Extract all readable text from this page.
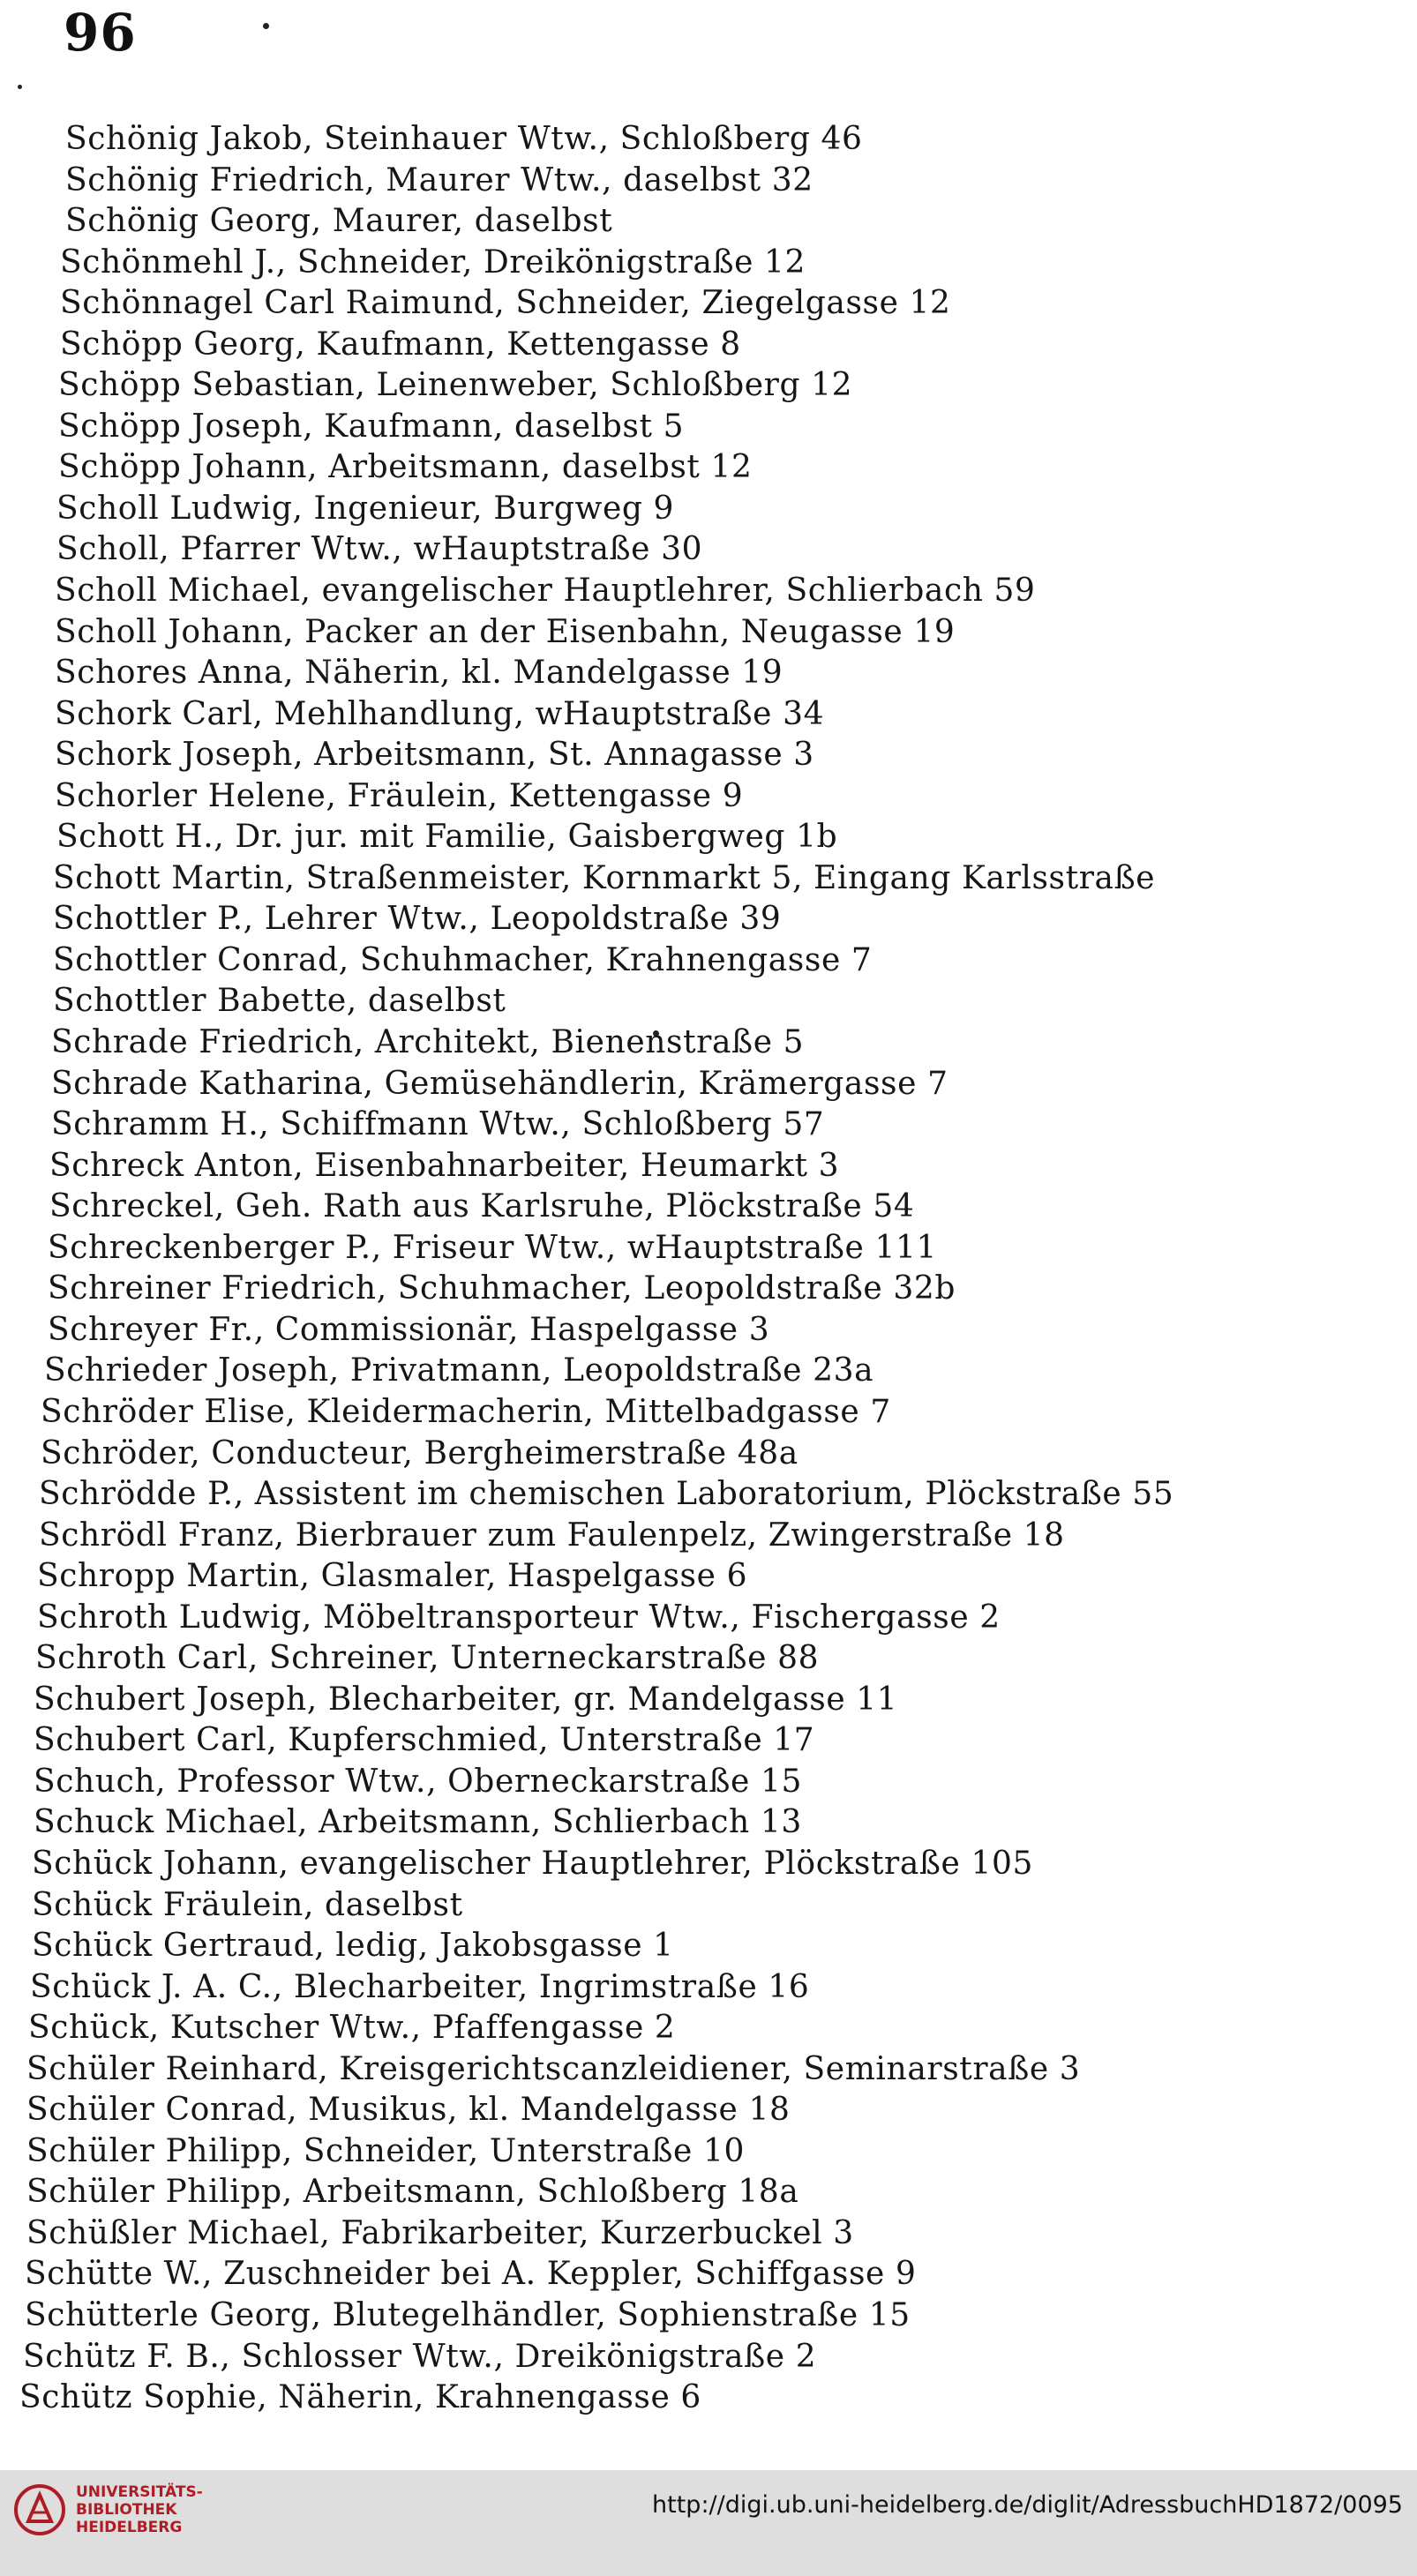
96
Schönig Jakob, Steinhauer Wtw., Schloßberg 46
Schönig Friedrich, Maurer Wtw., daselbst 32
Schönig Georg, Maurer, daselbst
Schönmehl J., Schneider, Dreikönigstraße 12
Schönnagel Carl Raimund, Schneider, Ziegelgasse 12
Schöpp Georg, Kaufmann, Kettengasse 8
Schöpp Sebastian, Leinenweber, Schloßberg 12
Schöpp Joseph, Kaufmann, daselbst 5
Schöpp Johann, Arbeitsmann, daselbst 12
Scholl Ludwig, Ingenieur, Burgweg 9
Scholl, Pfarrer Wtw., wHauptstraße 30
Scholl Michael, evangelischer Hauptlehrer, Schlierbach 59
Scholl Johann, Packer an der Eisenbahn, Neugasse 19
Schores Anna, Näherin, kl. Mandelgasse 19
Schork Carl, Mehlhandlung, wHauptstraße 34
Schork Joseph, Arbeitsmann, St. Annagasse 3
Schorler Helene, Fräulein, Kettengasse 9
Schott H., Dr. jur. mit Familie, Gaisbergweg 1b
Schott Martin, Straßenmeister, Kornmarkt 5, Eingang Karlsstraße
Schottler P., Lehrer Wtw., Leopoldstraße 39
Schottler Conrad, Schuhmacher, Krahnengasse 7
Schottler Babette, daselbst
Schrade Friedrich, Architekt, Bienenstraße 5
Schrade Katharina, Gemüsehändlerin, Krämergasse 7
Schramm H., Schiffmann Wtw., Schloßberg 57
Schreck Anton, Eisenbahnarbeiter, Heumarkt 3
Schreckel, Geh. Rath aus Karlsruhe, Plöckstraße 54
Schreckenberger P., Friseur Wtw., wHauptstraße 111
Schreiner Friedrich, Schuhmacher, Leopoldstraße 32b
Schreyer Fr., Commissionär, Haspelgasse 3
Schrieder Joseph, Privatmann, Leopoldstraße 23a
Schröder Elise, Kleidermacherin, Mittelbadgasse 7
Schröder, Conducteur, Bergheimerstraße 48a
Schrödde P., Assistent im chemischen Laboratorium, Plöckstraße 55
Schrödl Franz, Bierbrauer zum Faulenpelz, Zwingerstraße 18
Schropp Martin, Glasmaler, Haspelgasse 6
Schroth Ludwig, Möbeltransporteur Wtw., Fischergasse 2
Schroth Carl, Schreiner, Unterneckarstraße 88
Schubert Joseph, Blecharbeiter, gr. Mandelgasse 11
Schubert Carl, Kupferschmied, Unterstraße 17
Schuch, Professor Wtw., Oberneckarstraße 15
Schuck Michael, Arbeitsmann, Schlierbach 13
Schück Johann, evangelischer Hauptlehrer, Plöckstraße 105
Schück Fräulein, daselbst
Schück Gertraud, ledig, Jakobsgasse 1
Schück J. A. C., Blecharbeiter, Ingrimstraße 16
Schück, Kutscher Wtw., Pfaffengasse 2
Schüler Reinhard, Kreisgerichtscanzleidiener, Seminarstraße 3
Schüler Conrad, Musikus, kl. Mandelgasse 18
Schüler Philipp, Schneider, Unterstraße 10
Schüler Philipp, Arbeitsmann, Schloßberg 18a
Schüßler Michael, Fabrikarbeiter, Kurzerbuckel 3
Schütte W., Zuschneider bei A. Keppler, Schiffgasse 9
Schütterle Georg, Blutegelhändler, Sophienstraße 15
Schütz F. B., Schlosser Wtw., Dreikönigstraße 2
Schütz Sophie, Näherin, Krahnengasse 6
UNIVERSITÄTS-
BIBLIOTHEK
HEIDELBERG
http://digi.ub.uni-heidelberg.de/diglit/AdressbuchHD1872/0095
